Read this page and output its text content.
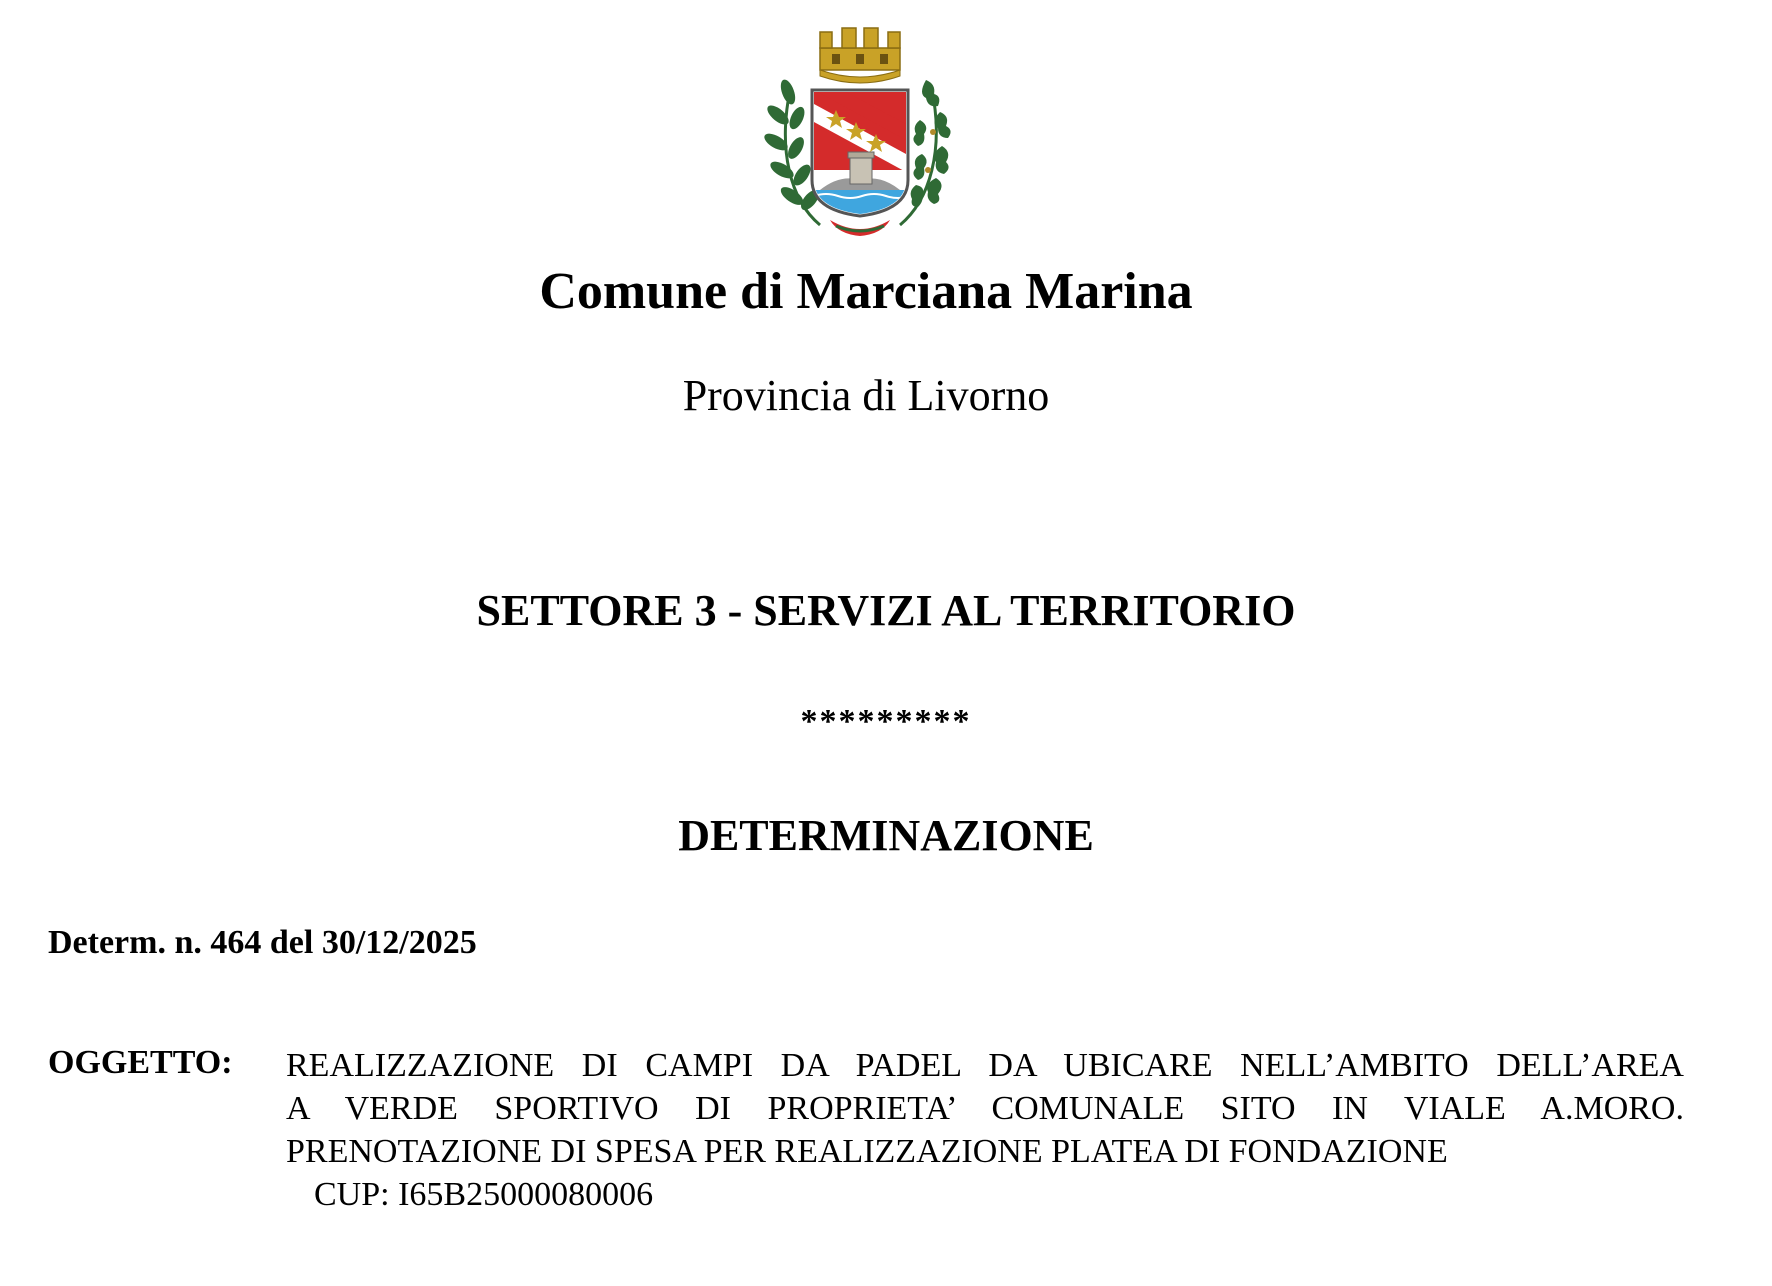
Comune di Marciana Marina
Provincia di Livorno
SETTORE 3 - SERVIZI AL TERRITORIO
*********
DETERMINAZIONE
Determ. n. 464 del 30/12/2025
OGGETTO: REALIZZAZIONE DI CAMPI DA PADEL DA UBICARE NELL’AMBITO DELL’AREA
A VERDE SPORTIVO DI PROPRIETA’ COMUNALE SITO IN VIALE A.MORO.
PRENOTAZIONE DI SPESA PER REALIZZAZIONE PLATEA DI FONDAZIONE
CUP: I65B25000080006
